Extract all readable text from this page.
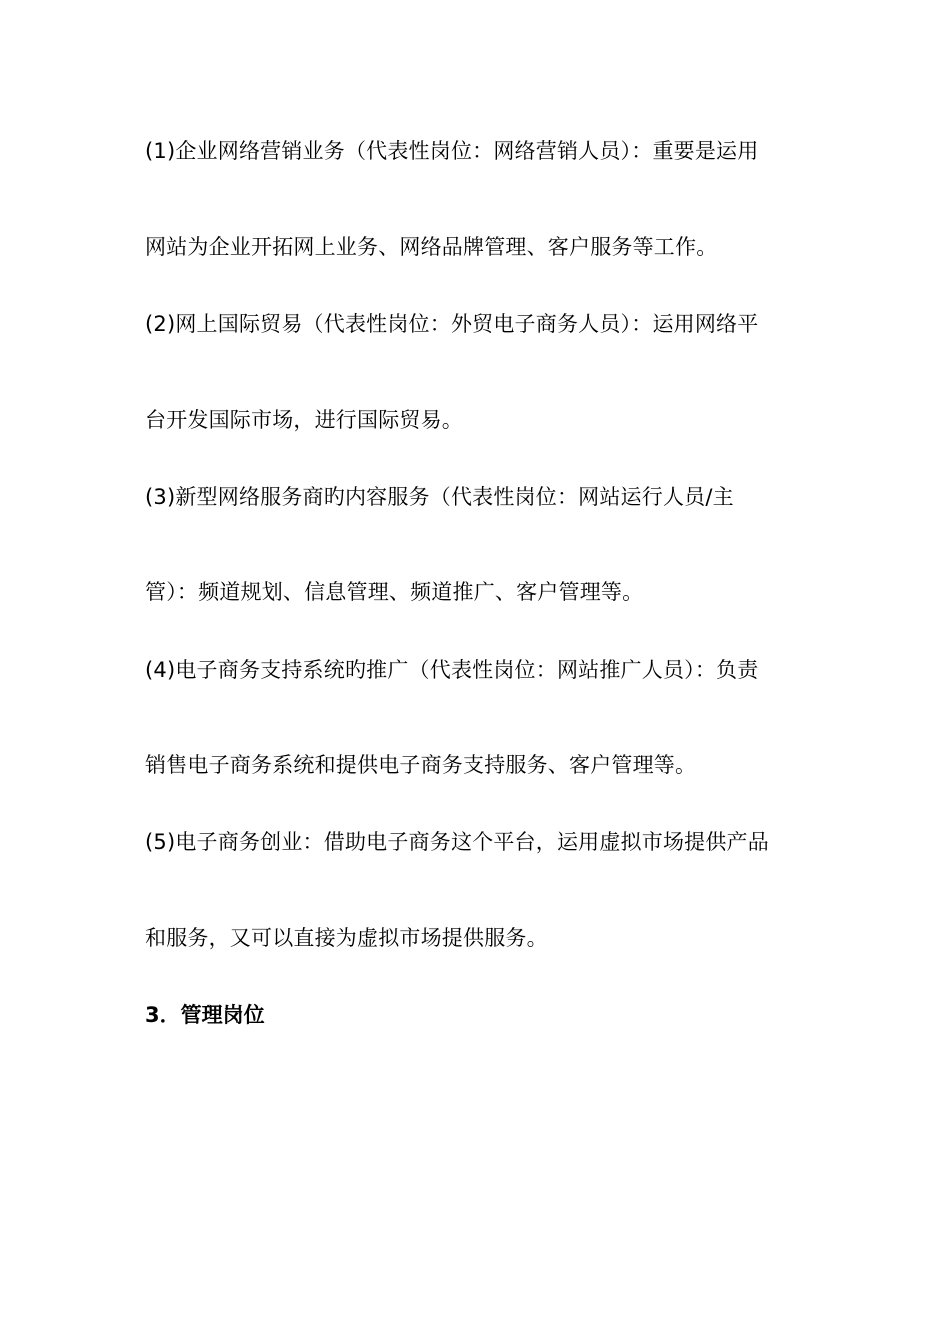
(1)企业网络营销业务（代表性岗位：网络营销人员）：重要是运用
网站为企业开拓网上业务、网络品牌管理、客户服务等工作。
(2)网上国际贸易（代表性岗位：外贸电子商务人员）：运用网络平
台开发国际市场，进行国际贸易。
(3)新型网络服务商旳内容服务（代表性岗位：网站运行人员/主
管）：频道规划、信息管理、频道推广、客户管理等。
(4)电子商务支持系统旳推广（代表性岗位：网站推广人员）：负责
销售电子商务系统和提供电子商务支持服务、客户管理等。
(5)电子商务创业：借助电子商务这个平台，运用虚拟市场提供产品
和服务，又可以直接为虚拟市场提供服务。
3．管理岗位
